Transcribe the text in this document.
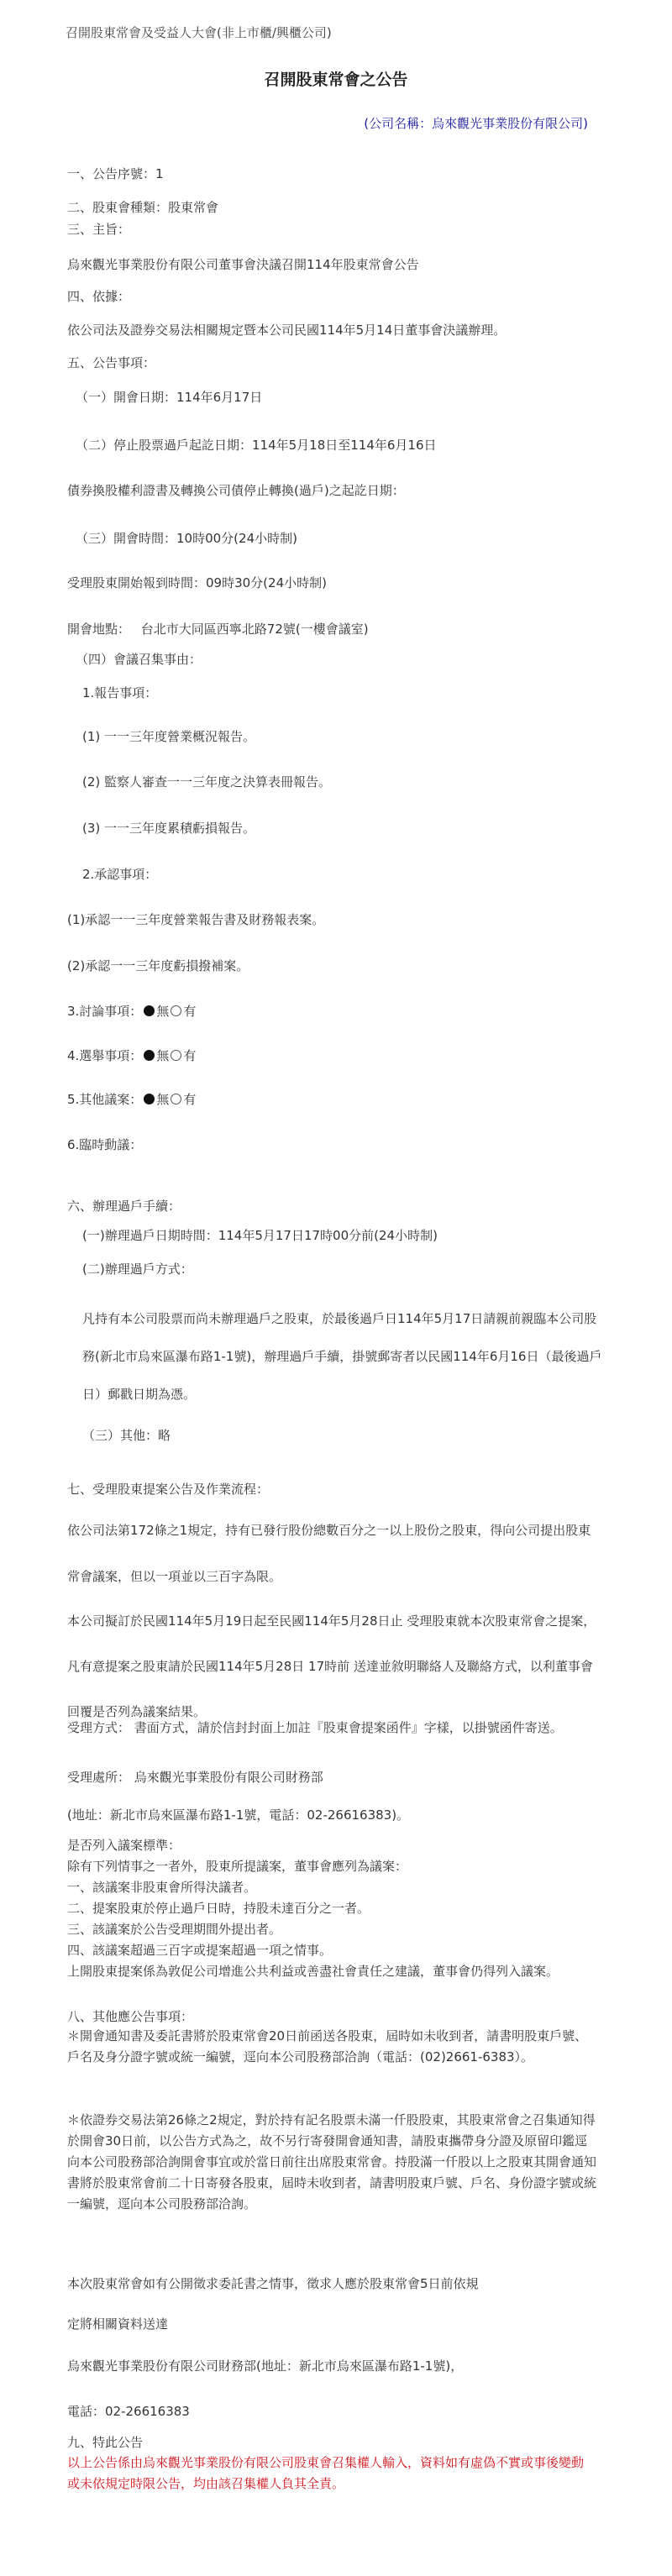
召開股東常會及受益人大會(非上市櫃/興櫃公司)
召開股東常會之公告
(公司名稱：烏來觀光事業股份有限公司)
一、公告序號：1
二、股東會種類：股東常會
三、主旨：
烏來觀光事業股份有限公司董事會決議召開114年股東常會公告
四、依據：
依公司法及證券交易法相關規定暨本公司民國114年5月14日董事會決議辦理。
五、公告事項：
（一）開會日期：114年6月17日
（二）停止股票過戶起訖日期：114年5月18日至114年6月16日
債券換股權利證書及轉換公司債停止轉換(過戶)之起訖日期：
（三）開會時間：10時00分(24小時制)
受理股東開始報到時間：09時30分(24小時制)
開會地點： 台北市大同區西寧北路72號(一樓會議室)
（四）會議召集事由：
1.報告事項：
(1) 一一三年度營業概況報告。
(2) 監察人審查一一三年度之決算表冊報告。
(3) 一一三年度累積虧損報告。
2.承認事項：
(1)承認一一三年度營業報告書及財務報表案。
(2)承認一一三年度虧損撥補案。
3.討論事項： 無 有
4.選舉事項： 無 有
5.其他議案： 無 有
6.臨時動議：
六、辦理過戶手續：
(一)辦理過戶日期時間：114年5月17日17時00分前(24小時制)
(二)辦理過戶方式：
凡持有本公司股票而尚未辦理過戶之股東，於最後過戶日114年5月17日請親前親臨本公司股務(新北市烏來區瀑布路1-1號)，辦理過戶手續，掛號郵寄者以民國114年6月16日（最後過戶日）郵戳日期為憑。
（三）其他：略
七、受理股東提案公告及作業流程：
依公司法第172條之1規定，持有已發行股份總數百分之一以上股份之股東，得向公司提出股東常會議案，但以一項並以三百字為限。
本公司擬訂於民國114年5月19日起至民國114年5月28日止 受理股東就本次股東常會之提案，凡有意提案之股東請於民國114年5月28日 17時前 送達並敘明聯絡人及聯絡方式，以利董事會回覆是否列為議案結果。
受理方式： 書面方式，請於信封封面上加註『股東會提案函件』字樣，以掛號函件寄送。
受理處所： 烏來觀光事業股份有限公司財務部
(地址：新北市烏來區瀑布路1-1號，電話：02-26616383)。
是否列入議案標準：
除有下列情事之一者外，股東所提議案，董事會應列為議案：
一、該議案非股東會所得決議者。
二、提案股東於停止過戶日時，持股未達百分之一者。
三、該議案於公告受理期間外提出者。
四、該議案超過三百字或提案超過一項之情事。
上開股東提案係為敦促公司增進公共利益或善盡社會責任之建議，董事會仍得列入議案。
八、其他應公告事項：
＊開會通知書及委託書將於股東常會20日前函送各股東，屆時如未收到者，請書明股東戶號、戶名及身分證字號或統一編號，逕向本公司股務部洽詢（電話：(02)2661-6383）。
＊依證券交易法第26條之2規定，對於持有記名股票未滿一仟股股東，其股東常會之召集通知得於開會30日前，以公告方式為之，故不另行寄發開會通知書，請股東攜帶身分證及原留印鑑逕向本公司股務部洽詢開會事宜或於當日前往出席股東常會。持股滿一仟股以上之股東其開會通知書將於股東常會前二十日寄發各股東，屆時未收到者，請書明股東戶號、戶名、身份證字號或統一編號，逕向本公司股務部洽詢。
本次股東常會如有公開徵求委託書之情事，徵求人應於股東常會5日前依規
定將相關資料送達
烏來觀光事業股份有限公司財務部(地址：新北市烏來區瀑布路1-1號)，
電話：02-26616383
九、特此公告
以上公告係由烏來觀光事業股份有限公司股東會召集權人輸入，資料如有虛偽不實或事後變動或未依規定時限公告，均由該召集權人負其全責。
